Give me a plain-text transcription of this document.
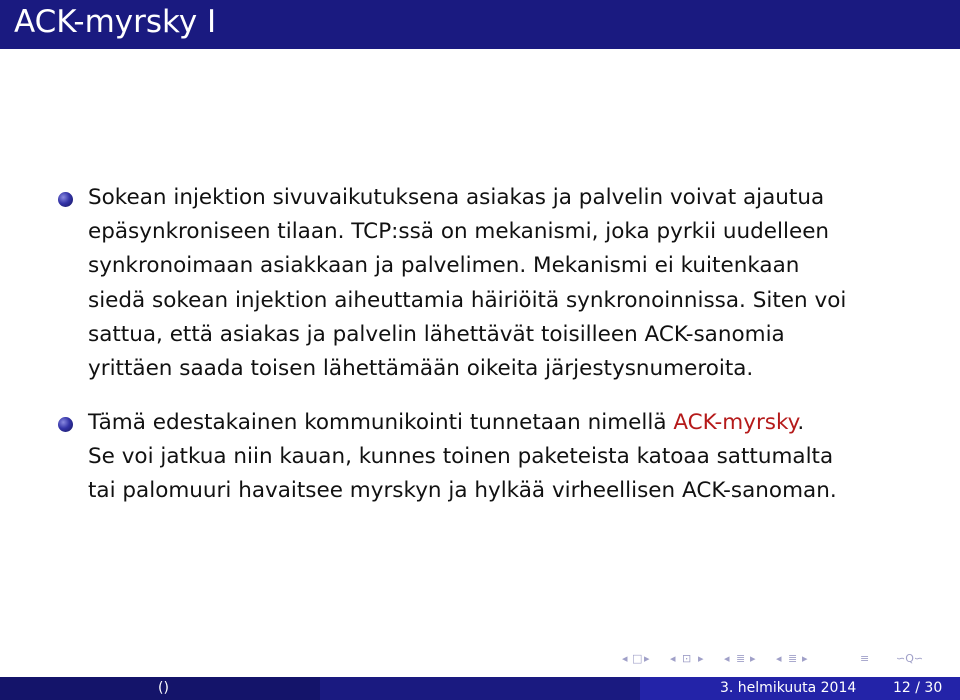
ACK-myrsky I
Sokean injektion sivuvaikutuksena asiakas ja palvelin voivat ajautua
epäsynkroniseen tilaan. TCP:ssä on mekanismi, joka pyrkii uudelleen
synkronoimaan asiakkaan ja palvelimen. Mekanismi ei kuitenkaan
siedä sokean injektion aiheuttamia häiriöitä synkronoinnissa. Siten voi
sattua, että asiakas ja palvelin lähettävät toisilleen ACK-sanomia
yrittäen saada toisen lähettämään oikeita järjestysnumeroita.
Tämä edestakainen kommunikointi tunnetaan nimellä ACK-myrsky.
Se voi jatkua niin kauan, kunnes toinen paketeista katoaa sattumalta
tai palomuuri havaitsee myrskyn ja hylkää virheellisen ACK-sanoman.
◂ □ ▸ ◂ ⊡ ▸ ◂ ≣ ▸ ◂ ≣ ▸	≡ ∽Q∽
()	3. helmikuuta 2014	12 / 30
